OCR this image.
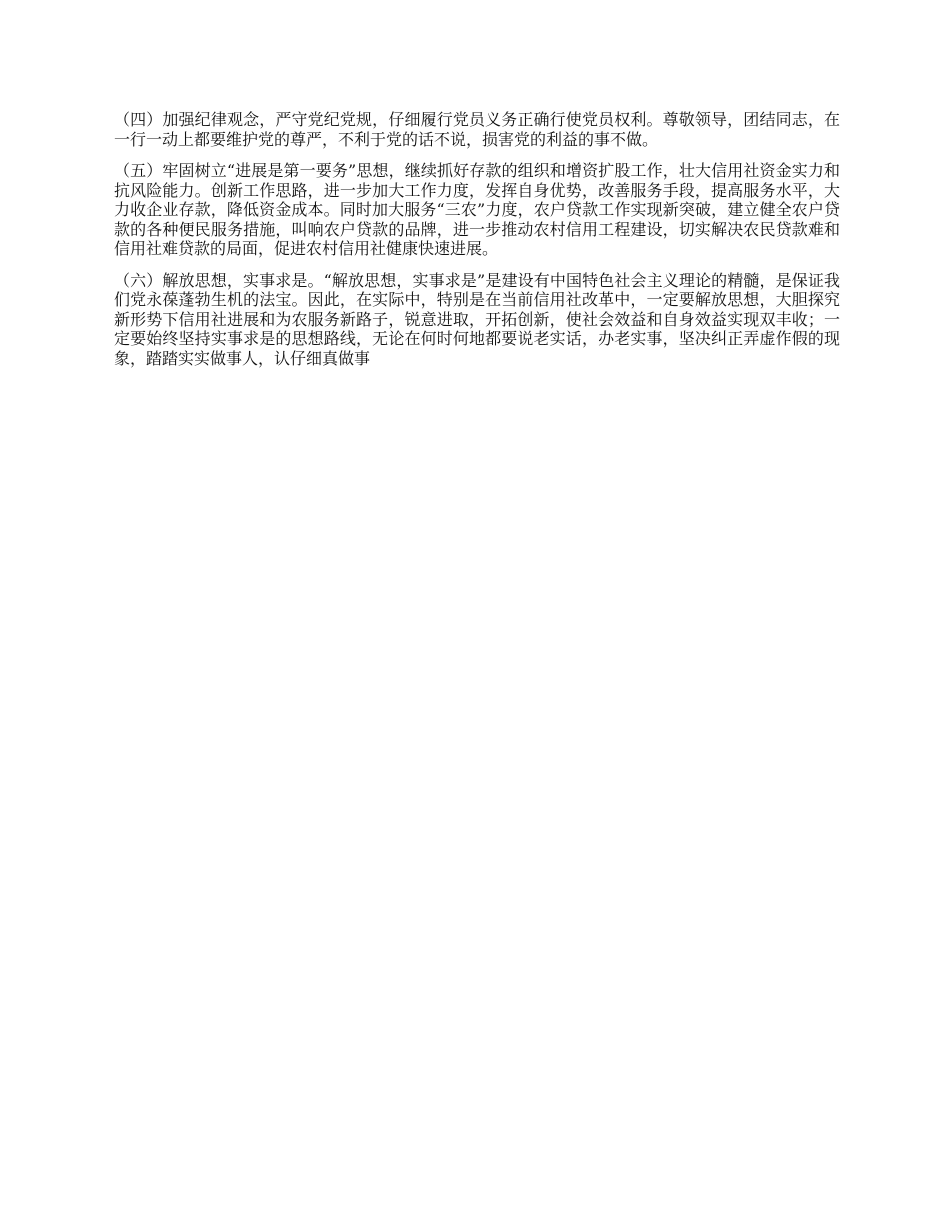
（四）加强纪律观念，严守党纪党规，仔细履行党员义务正确行使党员权利。尊敬领导，团结同志，在一行一动上都要维护党的尊严，不利于党的话不说，损害党的利益的事不做。

（五）牢固树立“进展是第一要务”思想，继续抓好存款的组织和增资扩股工作，壮大信用社资金实力和抗风险能力。创新工作思路，进一步加大工作力度，发挥自身优势，改善服务手段，提高服务水平，大力收企业存款，降低资金成本。同时加大服务“三农”力度，农户贷款工作实现新突破，建立健全农户贷款的各种便民服务措施，叫响农户贷款的品牌，进一步推动农村信用工程建设，切实解决农民贷款难和信用社难贷款的局面，促进农村信用社健康快速进展。

（六）解放思想，实事求是。“解放思想，实事求是”是建设有中国特色社会主义理论的精髓，是保证我们党永葆蓬勃生机的法宝。因此，在实际中，特别是在当前信用社改革中，一定要解放思想，大胆探究新形势下信用社进展和为农服务新路子，锐意进取，开拓创新，使社会效益和自身效益实现双丰收；一定要始终坚持实事求是的思想路线，无论在何时何地都要说老实话，办老实事，坚决纠正弄虚作假的现象，踏踏实实做事人，认仔细真做事
